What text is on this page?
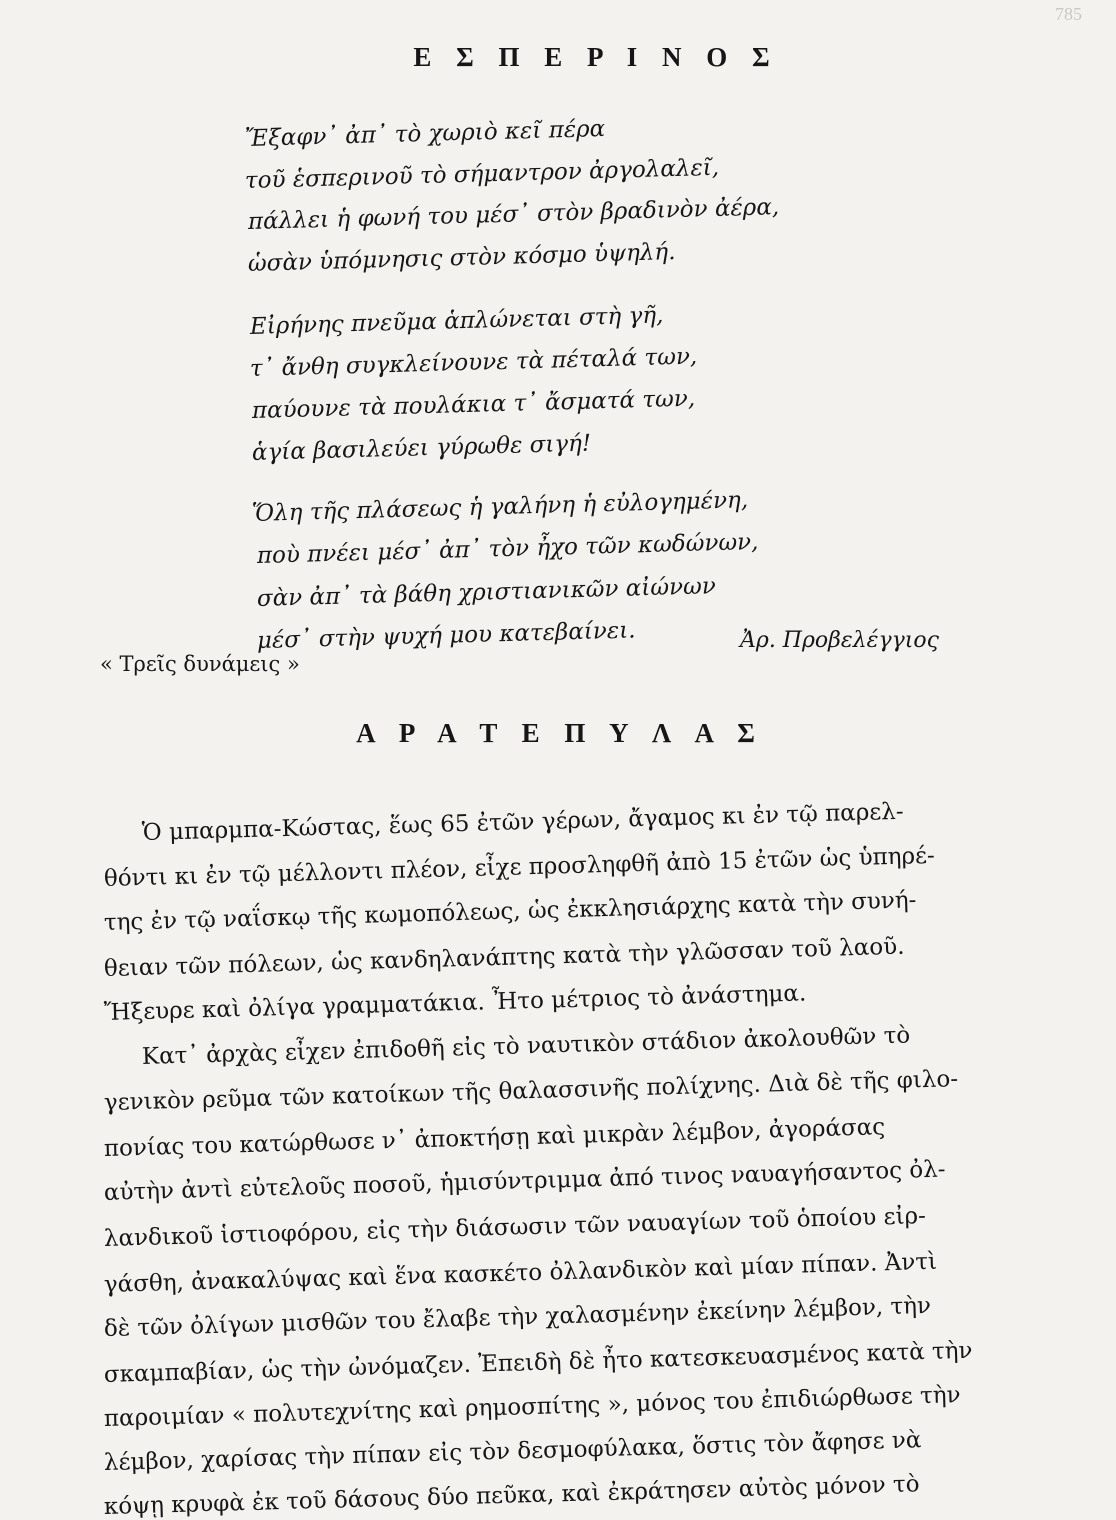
785
Ε Σ Π Ε Ρ Ι Ν Ο Σ
Ἔξαφν᾽ ἀπ᾽ τὸ χωριὸ κεῖ πέρα
τοῦ ἑσπερινοῦ τὸ σήμαντρον ἀργολαλεῖ,
πάλλει ἡ φωνή του μέσ᾽ στὸν βραδινὸν ἀέρα,
ὡσὰν ὑπόμνησις στὸν κόσμο ὑψηλή.
Εἰρήνης πνεῦμα ἁπλώνεται στὴ γῆ,
τ᾽ ἄνθη συγκλείνουνε τὰ πέταλά των,
παύουνε τὰ πουλάκια τ᾽ ἄσματά των,
ἁγία βασιλεύει γύρωθε σιγή!
Ὅλη τῆς πλάσεως ἡ γαλήνη ἡ εὐλογημένη,
ποὺ πνέει μέσ᾽ ἀπ᾽ τὸν ἦχο τῶν κωδώνων,
σὰν ἀπ᾽ τὰ βάθη χριστιανικῶν αἰώνων
μέσ᾽ στὴν ψυχή μου κατεβαίνει.	Ἀρ. Προβελέγγιος
« Τρεῖς δυνάμεις »
Α Ρ Α Τ Ε Π Υ Λ Α Σ
Ὁ μπαρμπα-Κώστας, ἕως 65 ἐτῶν γέρων, ἄγαμος κι ἐν τῷ παρελ-
θόντι κι ἐν τῷ μέλλοντι πλέον, εἶχε προσληφθῆ ἀπὸ 15 ἐτῶν ὡς ὑπηρέ-
της ἐν τῷ ναΐσκῳ τῆς κωμοπόλεως, ὡς ἐκκλησιάρχης κατὰ τὴν συνή-
θειαν τῶν πόλεων, ὡς κανδηλανάπτης κατὰ τὴν γλῶσσαν τοῦ λαοῦ.
Ἤξευρε καὶ ὀλίγα γραμματάκια. Ἦτο μέτριος τὸ ἀνάστημα.
Κατ᾽ ἀρχὰς εἶχεν ἐπιδοθῆ εἰς τὸ ναυτικὸν στάδιον ἀκολουθῶν τὸ
γενικὸν ρεῦμα τῶν κατοίκων τῆς θαλασσινῆς πολίχνης. Διὰ δὲ τῆς φιλο-
πονίας του κατώρθωσε ν᾽ ἀποκτήσῃ καὶ μικρὰν λέμβον, ἀγοράσας
αὐτὴν ἀντὶ εὐτελοῦς ποσοῦ, ἡμισύντριμμα ἀπό τινος ναυαγήσαντος ὀλ-
λανδικοῦ ἱστιοφόρου, εἰς τὴν διάσωσιν τῶν ναυαγίων τοῦ ὁποίου εἰρ-
γάσθη, ἀνακαλύψας καὶ ἕνα κασκέτο ὀλλανδικὸν καὶ μίαν πίπαν. Ἀντὶ
δὲ τῶν ὀλίγων μισθῶν του ἔλαβε τὴν χαλασμένην ἐκείνην λέμβον, τὴν
σκαμπαβίαν, ὡς τὴν ὠνόμαζεν. Ἐπειδὴ δὲ ἦτο κατεσκευασμένος κατὰ τὴν
παροιμίαν « πολυτεχνίτης καὶ ρημοσπίτης », μόνος του ἐπιδιώρθωσε τὴν
λέμβον, χαρίσας τὴν πίπαν εἰς τὸν δεσμοφύλακα, ὅστις τὸν ἄφησε νὰ
κόψῃ κρυφὰ ἐκ τοῦ δάσους δύο πεῦκα, καὶ ἐκράτησεν αὐτὸς μόνον τὸ
